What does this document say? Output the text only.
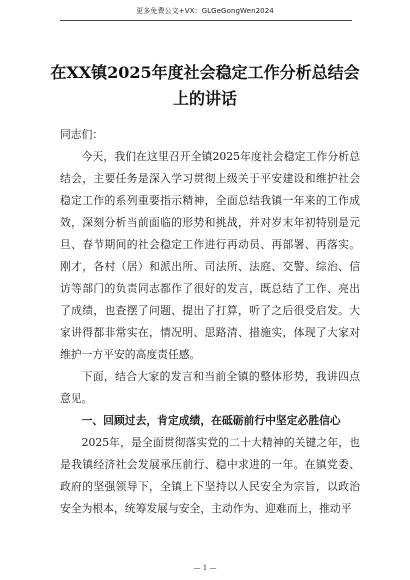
更多免费公文+VX：GLGeGongWen2024
在XX镇2025年度社会稳定工作分析总结会上的讲话

同志们：

今天，我们在这里召开全镇2025年度社会稳定工作分析总结会，主要任务是深入学习贯彻上级关于平安建设和维护社会稳定工作的系列重要指示精神，全面总结我镇一年来的工作成效，深刻分析当前面临的形势和挑战，并对岁末年初特别是元旦、春节期间的社会稳定工作进行再动员、再部署、再落实。刚才，各村（居）和派出所、司法所、法庭、交警、综治、信访等部门的负责同志都作了很好的发言，既总结了工作、亮出了成绩，也查摆了问题、提出了打算，听了之后很受启发。大家讲得都非常实在，情况明、思路清、措施实，体现了大家对维护一方平安的高度责任感。

下面，结合大家的发言和当前全镇的整体形势，我讲四点意见。

一、回顾过去，肯定成绩，在砥砺前行中坚定必胜信心

2025年，是全面贯彻落实党的二十大精神的关键之年，也是我镇经济社会发展承压前行、稳中求进的一年。在镇党委、政府的坚强领导下，全镇上下坚持以人民安全为宗旨，以政治安全为根本，统筹发展与安全，主动作为、迎难而上，推动平

— 1 —
